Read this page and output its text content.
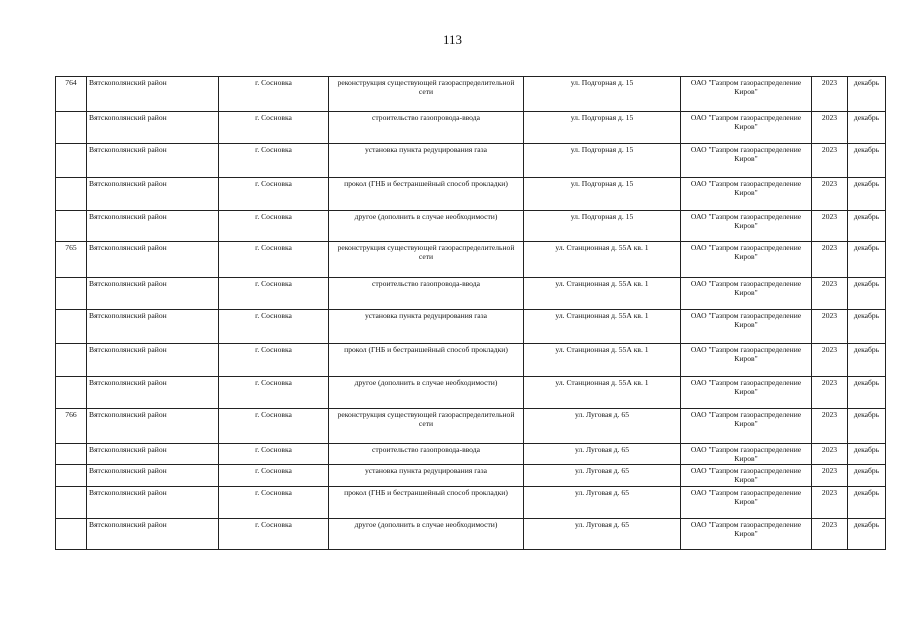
113
764	Вятскополянский район	г. Сосновка	реконструкция существующей газораспределительной сети	ул. Подгорная д. 15	ОАО "Газпром газораспределение Киров"	2023	декабрь
	Вятскополянский район	г. Сосновка	строительство газопровода-ввода	ул. Подгорная д. 15	ОАО "Газпром газораспределение Киров"	2023	декабрь
	Вятскополянский район	г. Сосновка	установка пункта редуцирования газа	ул. Подгорная д. 15	ОАО "Газпром газораспределение Киров"	2023	декабрь
	Вятскополянский район	г. Сосновка	прокол (ГНБ и бестраншейный способ прокладки)	ул. Подгорная д. 15	ОАО "Газпром газораспределение Киров"	2023	декабрь
	Вятскополянский район	г. Сосновка	другое (дополнить в случае необходимости)	ул. Подгорная д. 15	ОАО "Газпром газораспределение Киров"	2023	декабрь
765	Вятскополянский район	г. Сосновка	реконструкция существующей газораспределительной сети	ул. Станционная д. 55А кв. 1	ОАО "Газпром газораспределение Киров"	2023	декабрь
	Вятскополянский район	г. Сосновка	строительство газопровода-ввода	ул. Станционная д. 55А кв. 1	ОАО "Газпром газораспределение Киров"	2023	декабрь
	Вятскополянский район	г. Сосновка	установка пункта редуцирования газа	ул. Станционная д. 55А кв. 1	ОАО "Газпром газораспределение Киров"	2023	декабрь
	Вятскополянский район	г. Сосновка	прокол (ГНБ и бестраншейный способ прокладки)	ул. Станционная д. 55А кв. 1	ОАО "Газпром газораспределение Киров"	2023	декабрь
	Вятскополянский район	г. Сосновка	другое (дополнить в случае необходимости)	ул. Станционная д. 55А кв. 1	ОАО "Газпром газораспределение Киров"	2023	декабрь
766	Вятскополянский район	г. Сосновка	реконструкция существующей газораспределительной сети	ул. Луговая д. 65	ОАО "Газпром газораспределение Киров"	2023	декабрь
	Вятскополянский район	г. Сосновка	строительство газопровода-ввода	ул. Луговая д. 65	ОАО "Газпром газораспределение Киров"	2023	декабрь
	Вятскополянский район	г. Сосновка	установка пункта редуцирования газа	ул. Луговая д. 65	ОАО "Газпром газораспределение Киров"	2023	декабрь
	Вятскополянский район	г. Сосновка	прокол (ГНБ и бестраншейный способ прокладки)	ул. Луговая д. 65	ОАО "Газпром газораспределение Киров"	2023	декабрь
	Вятскополянский район	г. Сосновка	другое (дополнить в случае необходимости)	ул. Луговая д. 65	ОАО "Газпром газораспределение Киров"	2023	декабрь
